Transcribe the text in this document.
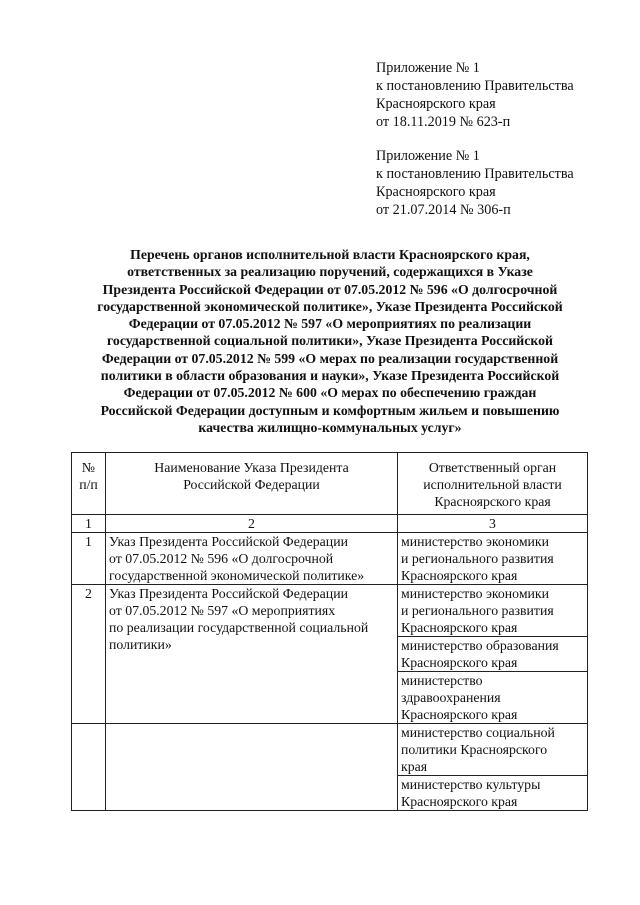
Приложение № 1
к постановлению Правительства
Красноярского края
от 18.11.2019 № 623-п
Приложение № 1
к постановлению Правительства
Красноярского края
от 21.07.2014 № 306-п
Перечень органов исполнительной власти Красноярского края,
ответственных за реализацию поручений, содержащихся в Указе
Президента Российской Федерации от 07.05.2012 № 596 «О долгосрочной
государственной экономической политике», Указе Президента Российской
Федерации от 07.05.2012 № 597 «О мероприятиях по реализации
государственной социальной политики», Указе Президента Российской
Федерации от 07.05.2012 № 599 «О мерах по реализации государственной
политики в области образования и науки», Указе Президента Российской
Федерации от 07.05.2012 № 600 «О мерах по обеспечению граждан
Российской Федерации доступным и комфортным жильем и повышению
качества жилищно-коммунальных услуг»
№
п/п	Наименование Указа Президента
Российской Федерации	Ответственный орган
исполнительной власти
Красноярского края

1	2	3
1	Указ Президента Российской Федерации
от 07.05.2012 № 596 «О долгосрочной
государственной экономической политике»	министерство экономики
и регионального развития
Красноярского края

2	Указ Президента Российской Федерации
от 07.05.2012 № 597 «О мероприятиях
по реализации государственной социальной
политики»	министерство экономики
и регионального развития
Красноярского края

		министерство образования
Красноярского края

		министерство
здравоохранения
Красноярского края

		министерство социальной
политики Красноярского
края

		министерство культуры
Красноярского края
